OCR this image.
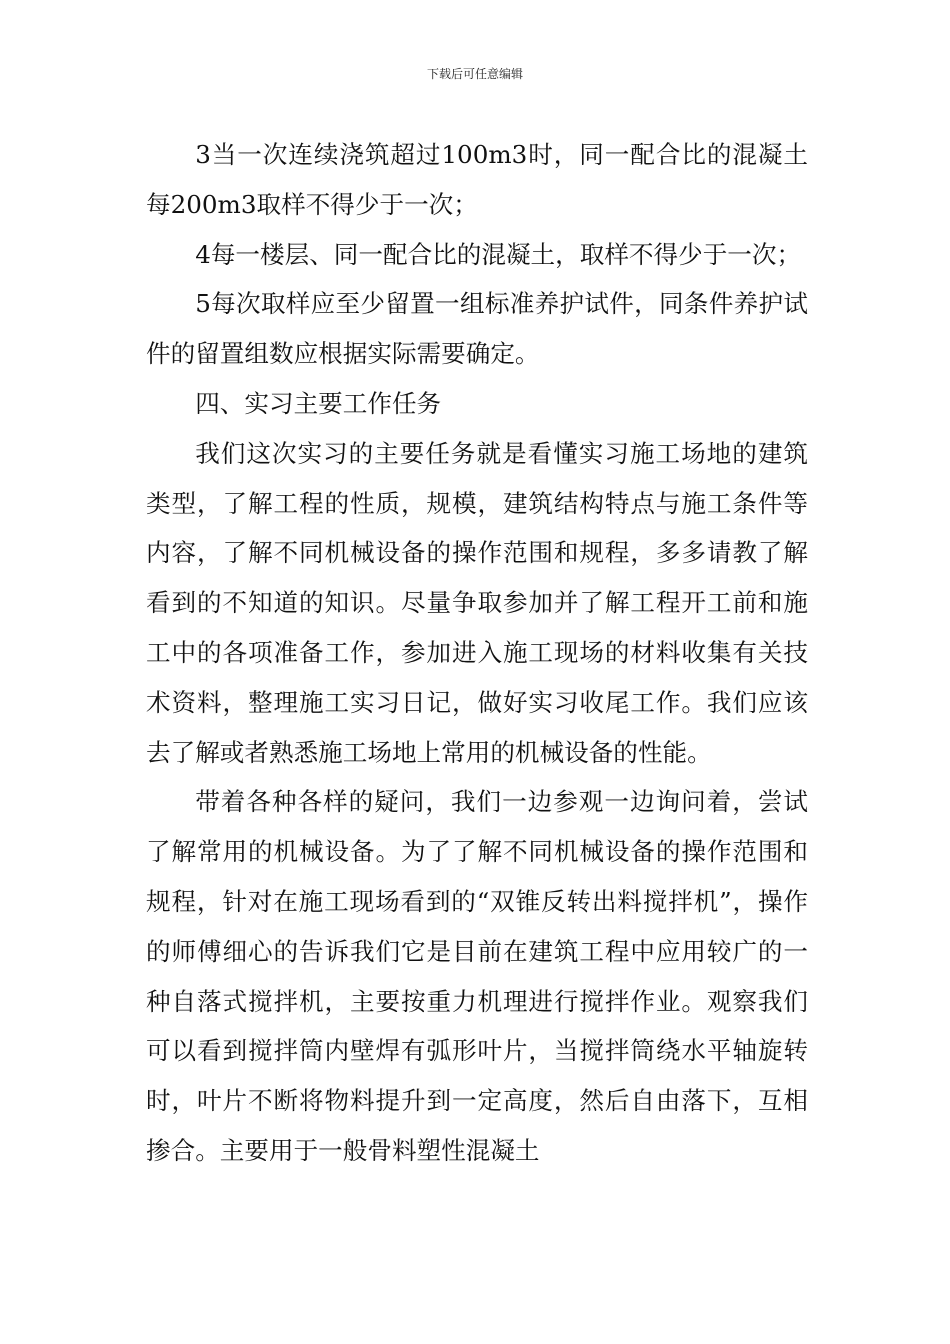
下载后可任意编辑

3当一次连续浇筑超过100m3时，同一配合比的混凝土每200m3取样不得少于一次；

4每一楼层、同一配合比的混凝土，取样不得少于一次；

5每次取样应至少留置一组标准养护试件，同条件养护试件的留置组数应根据实际需要确定。

四、实习主要工作任务

我们这次实习的主要任务就是看懂实习施工场地的建筑类型，了解工程的性质，规模，建筑结构特点与施工条件等内容，了解不同机械设备的操作范围和规程，多多请教了解看到的不知道的知识。尽量争取参加并了解工程开工前和施工中的各项准备工作，参加进入施工现场的材料收集有关技术资料，整理施工实习日记，做好实习收尾工作。我们应该去了解或者熟悉施工场地上常用的机械设备的性能。

带着各种各样的疑问，我们一边参观一边询问着，尝试了解常用的机械设备。为了了解不同机械设备的操作范围和规程，针对在施工现场看到的“双锥反转出料搅拌机”，操作的师傅细心的告诉我们它是目前在建筑工程中应用较广的一种自落式搅拌机，主要按重力机理进行搅拌作业。观察我们可以看到搅拌筒内壁焊有弧形叶片，当搅拌筒绕水平轴旋转时，叶片不断将物料提升到一定高度，然后自由落下，互相掺合。主要用于一般骨料塑性混凝土
